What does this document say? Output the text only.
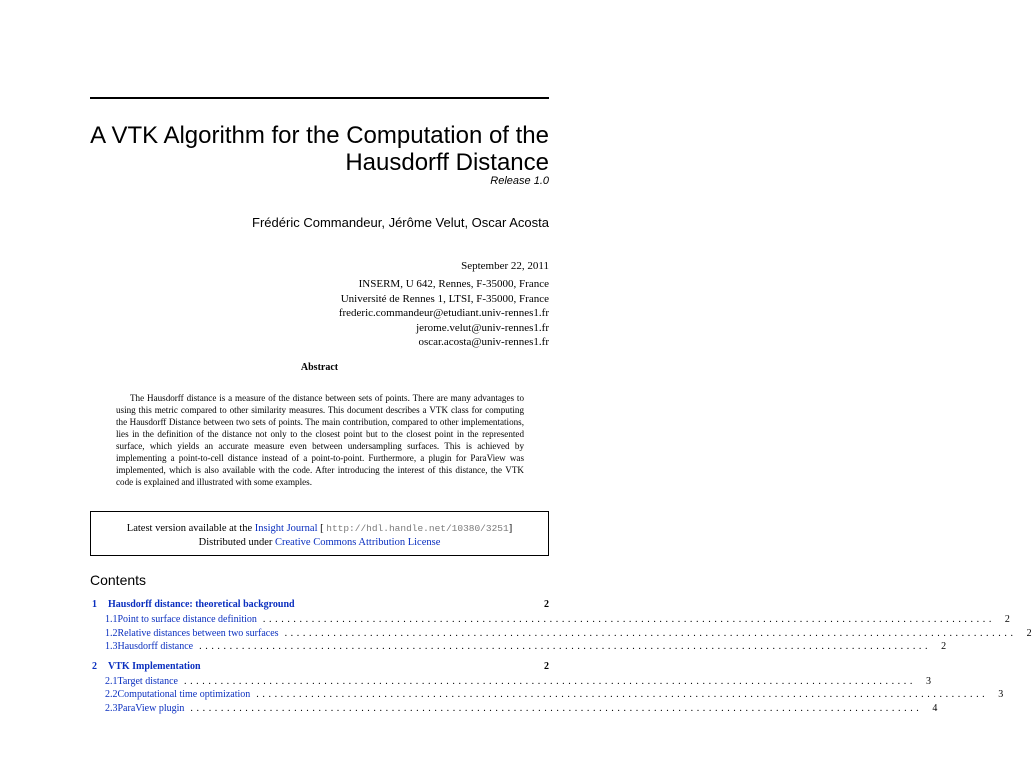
A VTK Algorithm for the Computation of the
Hausdorff Distance
Release 1.0
Frédéric Commandeur, Jérôme Velut, Oscar Acosta
September 22, 2011
INSERM, U 642, Rennes, F-35000, France
Université de Rennes 1, LTSI, F-35000, France
frederic.commandeur@etudiant.univ-rennes1.fr
jerome.velut@univ-rennes1.fr
oscar.acosta@univ-rennes1.fr
Abstract

The Hausdorff distance is a measure of the distance between sets of points. There are many advantages to using this metric compared to other similarity measures. This document describes a VTK class for computing the Hausdorff Distance between two sets of points. The main contribution, compared to other implementations, lies in the definition of the distance not only to the closest point but to the closest point in the represented surface, which yields an accurate measure even between undersampling surfaces. This is achieved by implementing a point-to-cell distance instead of a point-to-point. Furthermore, a plugin for ParaView was implemented, which is also available with the code. After introducing the interest of this distance, the VTK code is explained and illustrated with some examples.

Latest version available at the Insight Journal [ http://hdl.handle.net/10380/3251]
Distributed under Creative Commons Attribution License
Contents
1	Hausdorff distance: theoretical background	2
1.1 Point to surface distance definition ........................................................................................................................ 2
1.2 Relative distances between two surfaces ........................................................................................................................ 2
1.3 Hausdorff distance ........................................................................................................................ 2
2	VTK Implementation	2
2.1 Target distance ........................................................................................................................ 3
2.2 Computational time optimization ........................................................................................................................ 3
2.3 ParaView plugin ........................................................................................................................ 4
